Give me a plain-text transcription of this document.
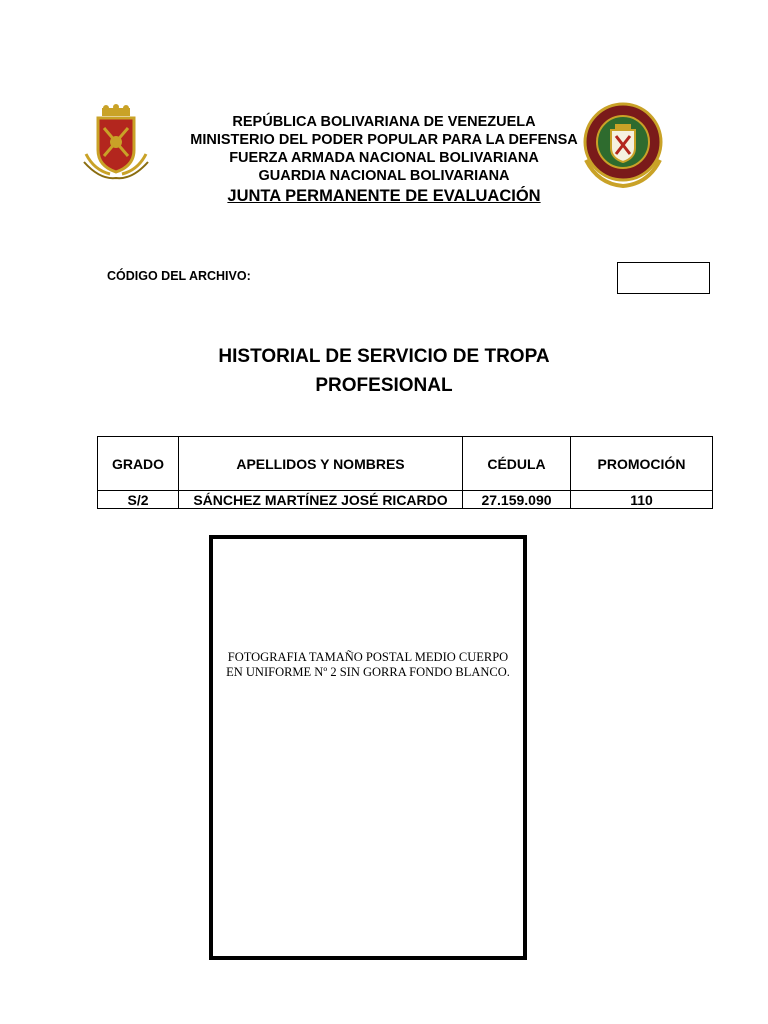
REPÚBLICA BOLIVARIANA DE VENEZUELA
MINISTERIO DEL PODER POPULAR PARA LA DEFENSA
FUERZA ARMADA NACIONAL BOLIVARIANA
GUARDIA NACIONAL BOLIVARIANA
JUNTA PERMANENTE DE EVALUACIÓN
CÓDIGO DEL ARCHIVO:
HISTORIAL DE SERVICIO DE TROPA
PROFESIONAL
GRADO	APELLIDOS Y NOMBRES	CÉDULA	PROMOCIÓN
S/2	SÁNCHEZ MARTÍNEZ JOSÉ RICARDO	27.159.090	110
FOTOGRAFIA TAMAÑO POSTAL MEDIO CUERPO
EN UNIFORME Nº 2 SIN GORRA FONDO BLANCO.
